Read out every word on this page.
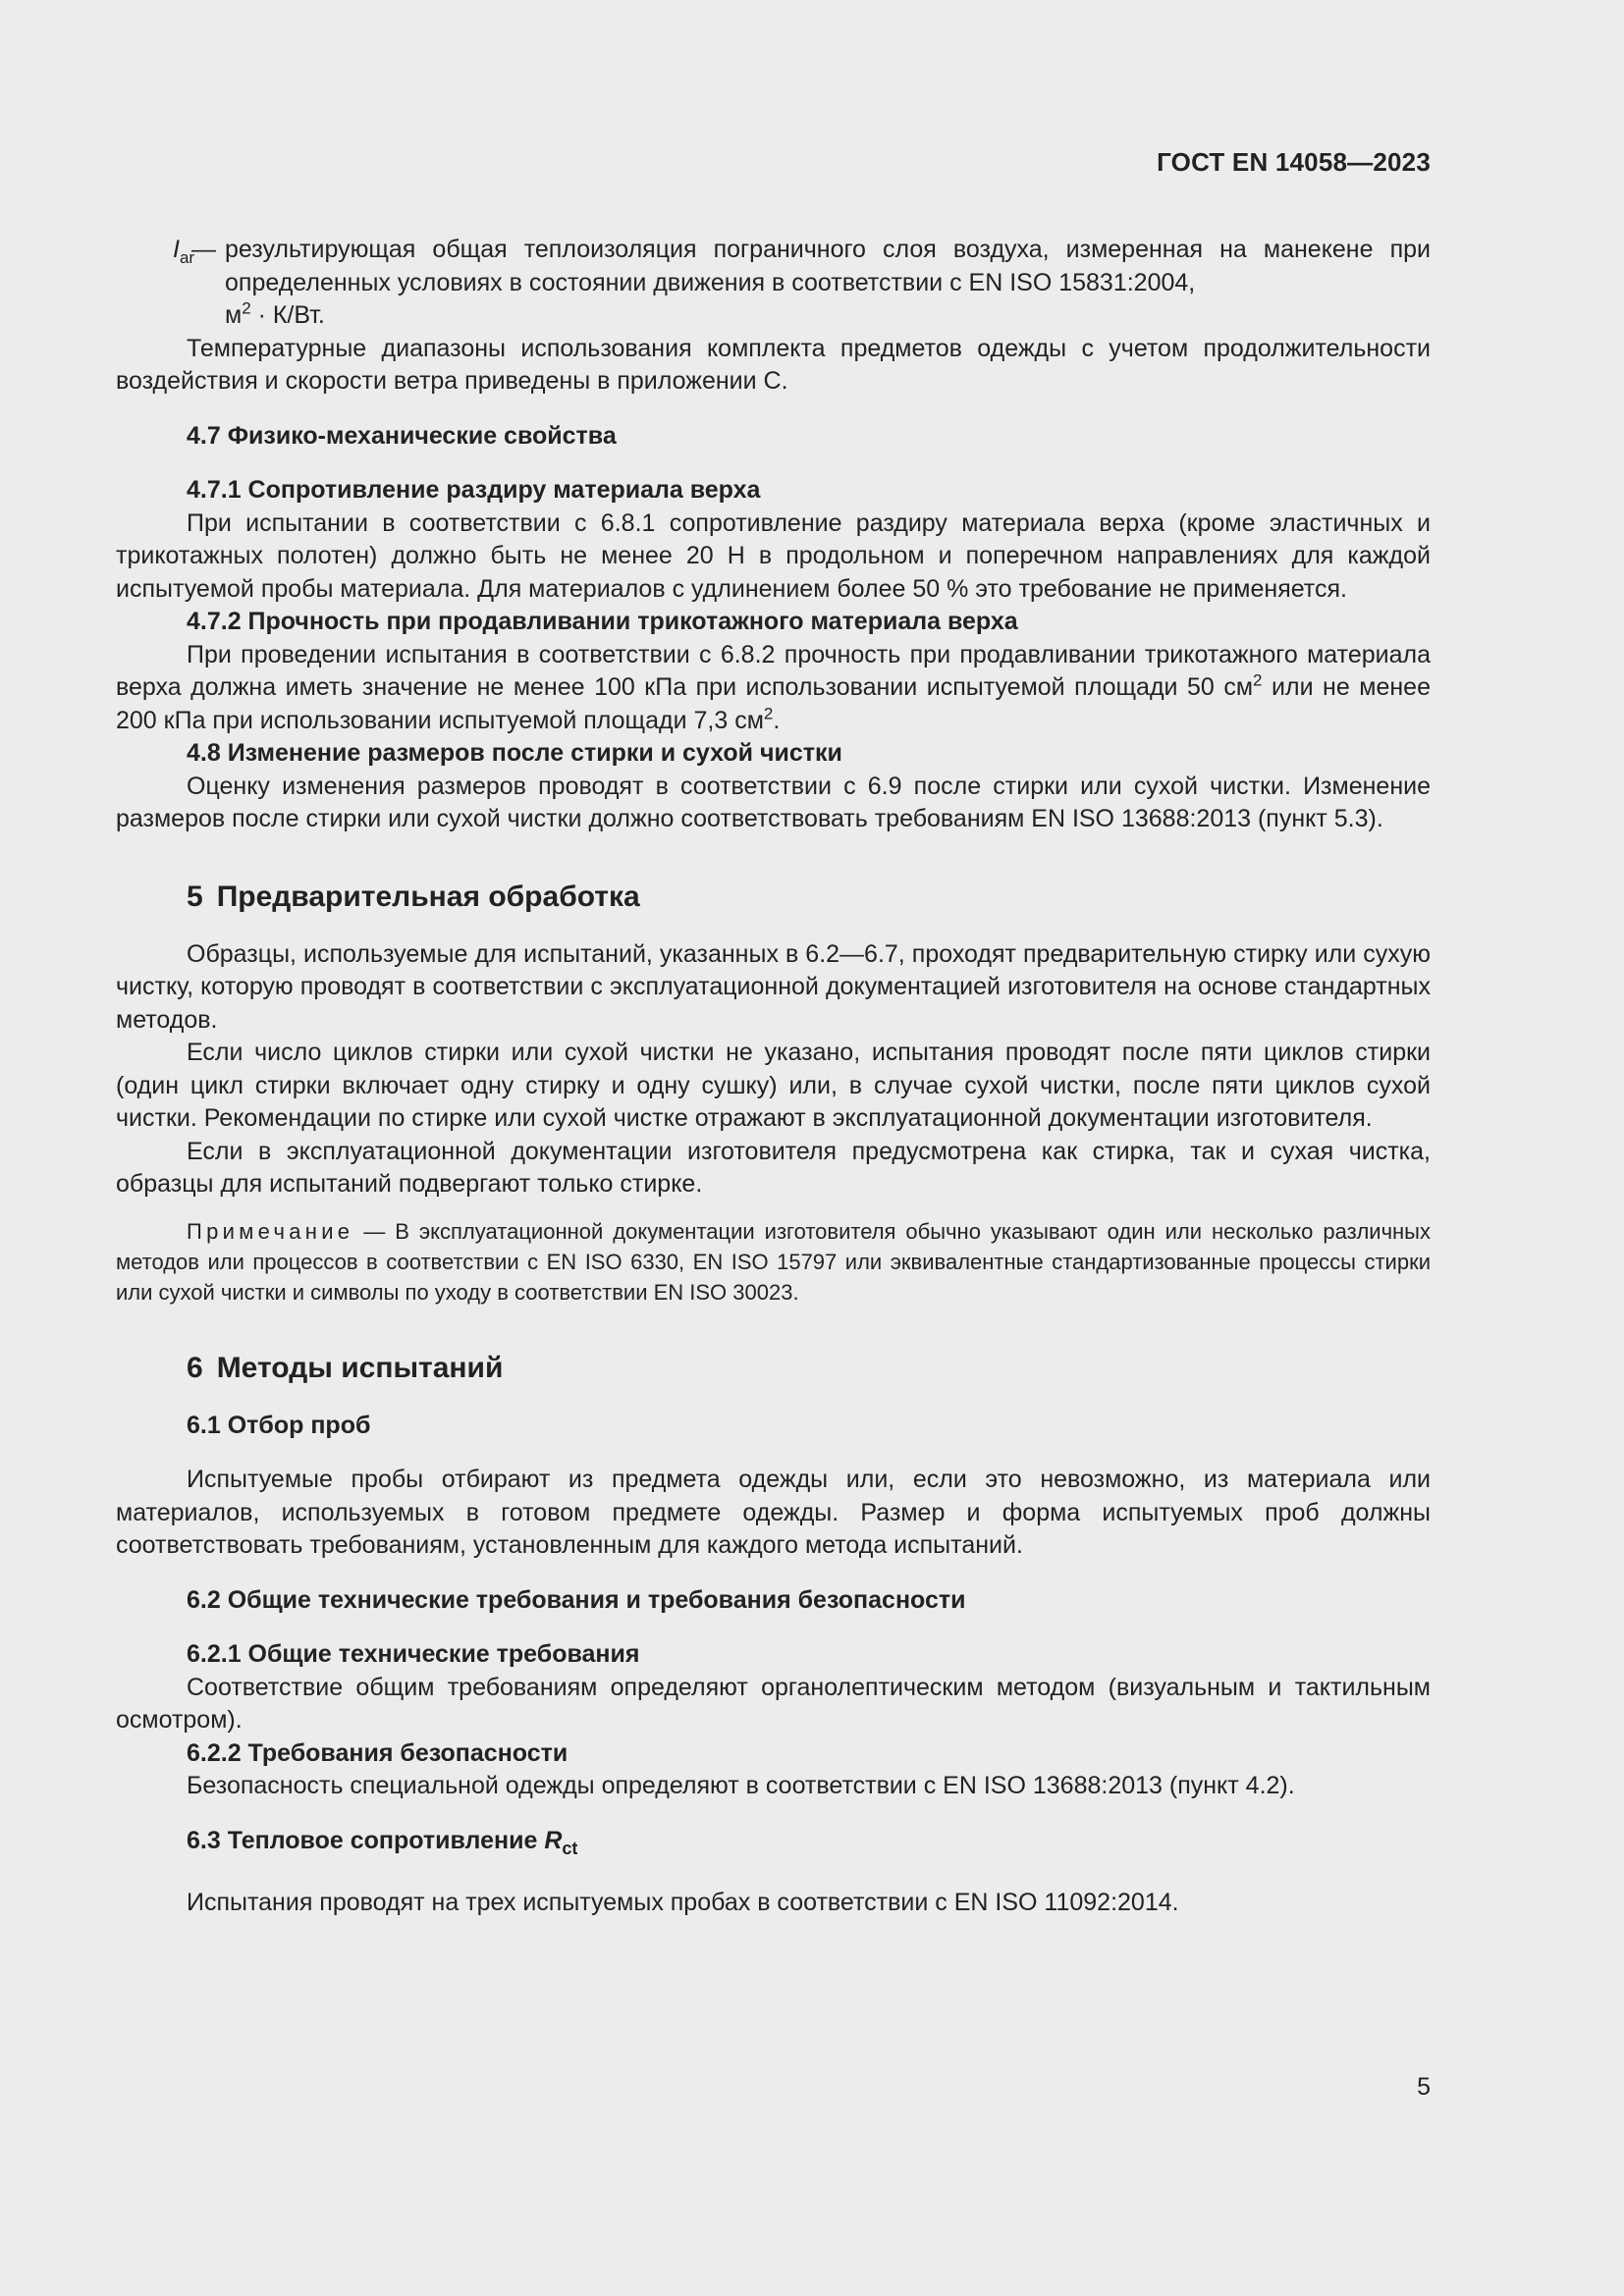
ГОСТ EN 14058—2023
$I_{ar}$
— результирующая общая теплоизоляция пограничного слоя воздуха, измеренная на манекене при определенных условиях в состоянии движения в соответствии с EN ISO 15831:2004,
$м^2 \cdot К/Вт$.

Температурные диапазоны использования комплекта предметов одежды с учетом продолжительности воздействия и скорости ветра приведены в приложении С.

4.7 Физико-механические свойства

4.7.1 Сопротивление раздиру материала верха

При испытании в соответствии с 6.8.1 сопротивление раздиру материала верха (кроме эластичных и трикотажных полотен) должно быть не менее 20 Н в продольном и поперечном направлениях для каждой испытуемой пробы материала. Для материалов с удлинением более 50 % это требование не применяется.

4.7.2 Прочность при продавливании трикотажного материала верха

При проведении испытания в соответствии с 6.8.2 прочность при продавливании трикотажного материала верха должна иметь значение не менее 100 кПа при использовании испытуемой площади 50 $см^2$ или не менее 200 кПа при использовании испытуемой площади 7,3 $см^2$.

4.8 Изменение размеров после стирки и сухой чистки

Оценку изменения размеров проводят в соответствии с 6.9 после стирки или сухой чистки. Изменение размеров после стирки или сухой чистки должно соответствовать требованиям EN ISO 13688:2013 (пункт 5.3).

5 Предварительная обработка

Образцы, используемые для испытаний, указанных в 6.2—6.7, проходят предварительную стирку или сухую чистку, которую проводят в соответствии с эксплуатационной документацией изготовителя на основе стандартных методов.

Если число циклов стирки или сухой чистки не указано, испытания проводят после пяти циклов стирки (один цикл стирки включает одну стирку и одну сушку) или, в случае сухой чистки, после пяти циклов сухой чистки. Рекомендации по стирке или сухой чистке отражают в эксплуатационной документации изготовителя.

Если в эксплуатационной документации изготовителя предусмотрена как стирка, так и сухая чистка, образцы для испытаний подвергают только стирке.

Примечание — В эксплуатационной документации изготовителя обычно указывают один или несколько различных методов или процессов в соответствии с EN ISO 6330, EN ISO 15797 или эквивалентные стандартизованные процессы стирки или сухой чистки и символы по уходу в соответствии EN ISO 30023.

6 Методы испытаний

6.1 Отбор проб

Испытуемые пробы отбирают из предмета одежды или, если это невозможно, из материала или материалов, используемых в готовом предмете одежды. Размер и форма испытуемых проб должны соответствовать требованиям, установленным для каждого метода испытаний.

6.2 Общие технические требования и требования безопасности

6.2.1 Общие технические требования

Соответствие общим требованиям определяют органолептическим методом (визуальным и тактильным осмотром).

6.2.2 Требования безопасности

Безопасность специальной одежды определяют в соответствии с EN ISO 13688:2013 (пункт 4.2).

6.3 Тепловое сопротивление $R_{ct}$

Испытания проводят на трех испытуемых пробах в соответствии с EN ISO 11092:2014.

5
